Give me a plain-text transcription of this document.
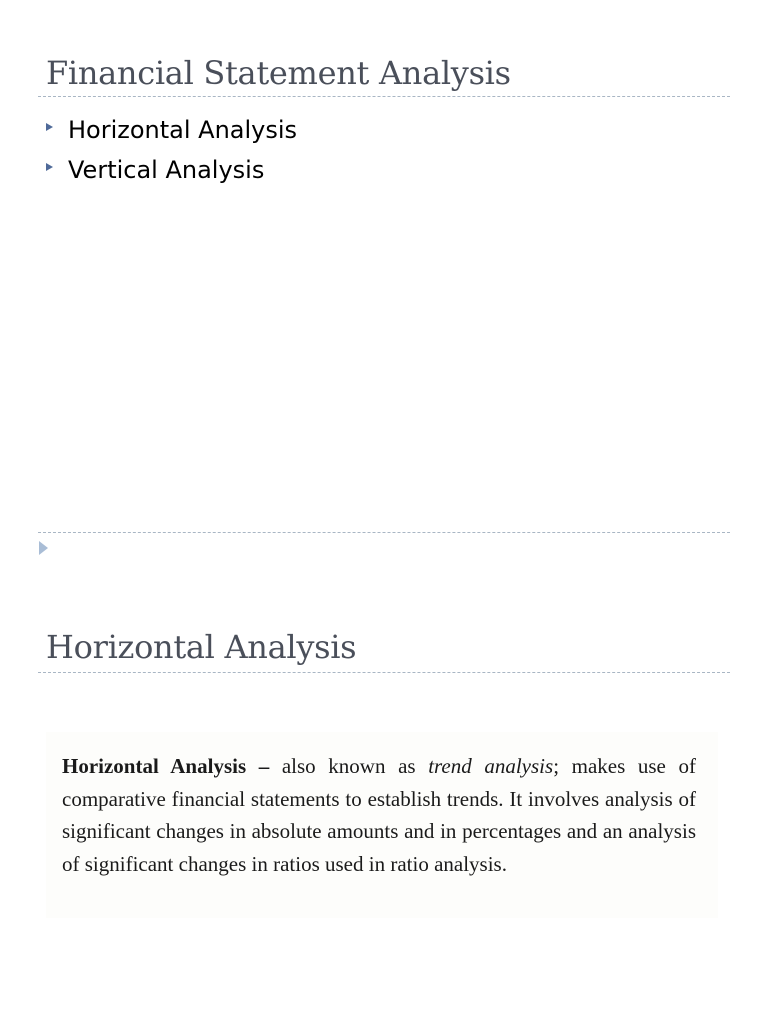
Financial Statement Analysis
Horizontal Analysis
Vertical Analysis
Horizontal Analysis

Horizontal Analysis – also known as trend analysis; makes use of comparative financial statements to establish trends. It involves analysis of significant changes in absolute amounts and in percentages and an analysis of significant changes in ratios used in ratio analysis.
